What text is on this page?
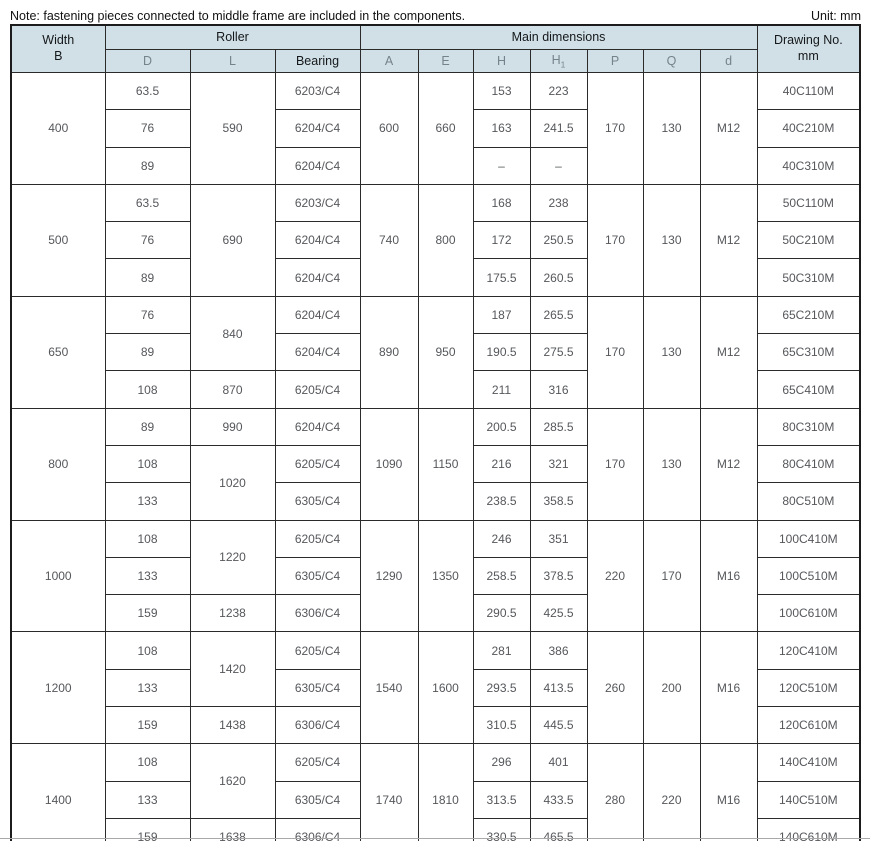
Note: fastening pieces connected to middle frame are included in the components.	Unit: mm
Width
B
	Roller	Main dimensions	Drawing No.
mm

	D	L	Bearing	A	E	H	$H_1$	P	Q	d	
400	63.5	590	6203/C4	600	660	153	223	170	130	M12	40C110M
	76		6204/C4			163	241.5				40C210M
	89		6204/C4			–	–				40C310M
500	63.5	690	6203/C4	740	800	168	238	170	130	M12	50C110M
	76		6204/C4			172	250.5				50C210M
	89		6204/C4			175.5	260.5				50C310M
650	76	840	6204/C4	890	950	187	265.5	170	130	M12	65C210M
	89		6204/C4			190.5	275.5				65C310M
	108	870	6205/C4			211	316				65C410M
800	89	990	6204/C4	1090	1150	200.5	285.5	170	130	M12	80C310M
	108	1020	6205/C4			216	321				80C410M
	133		6305/C4			238.5	358.5				80C510M
1000	108	1220	6205/C4	1290	1350	246	351	220	170	M16	100C410M
	133		6305/C4			258.5	378.5				100C510M
	159	1238	6306/C4			290.5	425.5				100C610M
1200	108	1420	6205/C4	1540	1600	281	386	260	200	M16	120C410M
	133		6305/C4			293.5	413.5				120C510M
	159	1438	6306/C4			310.5	445.5				120C610M
1400	108	1620	6205/C4	1740	1810	296	401	280	220	M16	140C410M
	133		6305/C4			313.5	433.5				140C510M
	159	1638	6306/C4			330.5	465.5				140C610M
